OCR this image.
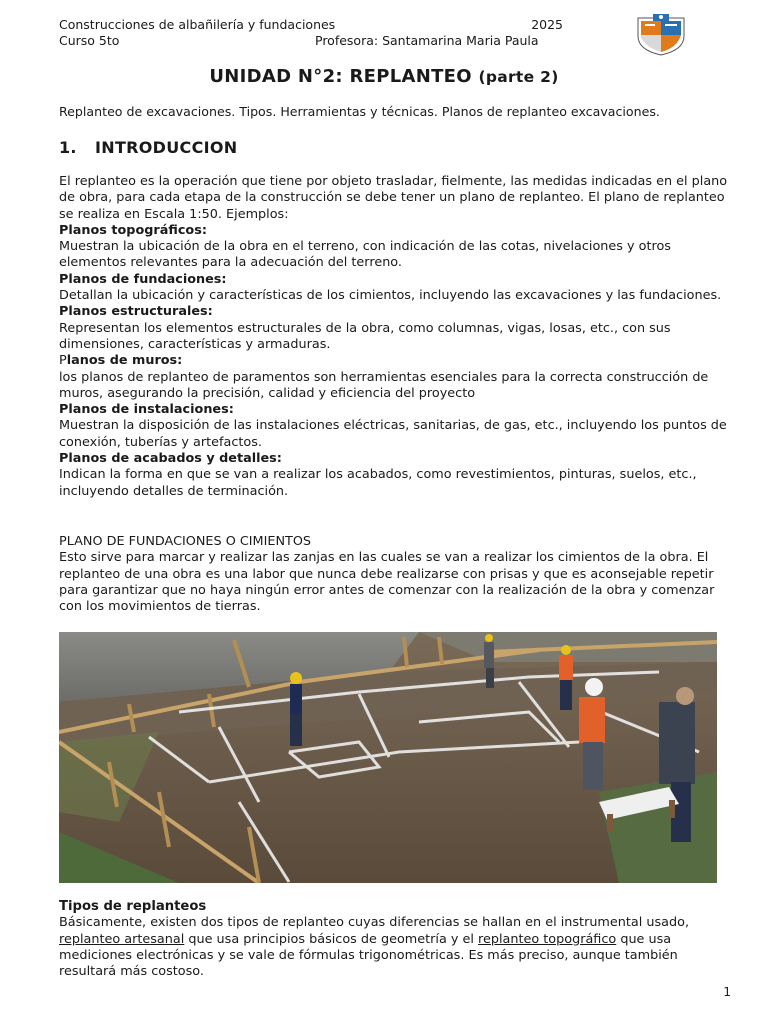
Construcciones de albañilería y fundaciones	2025
Curso 5to	Profesora: Santamarina Maria Paula
UNIDAD N°2: REPLANTEO (parte 2)
Replanteo de excavaciones. Tipos. Herramientas y técnicas. Planos de replanteo excavaciones.
1. INTRODUCCION

El replanteo es la operación que tiene por objeto trasladar, fielmente, las medidas indicadas en el plano de obra, para cada etapa de la construcción se debe tener un plano de replanteo. El plano de replanteo se realiza en Escala 1:50. Ejemplos:

Planos topográficos:

Muestran la ubicación de la obra en el terreno, con indicación de las cotas, nivelaciones y otros elementos relevantes para la adecuación del terreno.

Planos de fundaciones:

Detallan la ubicación y características de los cimientos, incluyendo las excavaciones y las fundaciones.

Planos estructurales:

Representan los elementos estructurales de la obra, como columnas, vigas, losas, etc., con sus dimensiones, características y armaduras.

Planos de muros:

los planos de replanteo de paramentos son herramientas esenciales para la correcta construcción de muros, asegurando la precisión, calidad y eficiencia del proyecto

Planos de instalaciones:

Muestran la disposición de las instalaciones eléctricas, sanitarias, de gas, etc., incluyendo los puntos de conexión, tuberías y artefactos.

Planos de acabados y detalles:

Indican la forma en que se van a realizar los acabados, como revestimientos, pinturas, suelos, etc., incluyendo detalles de terminación.

PLANO DE FUNDACIONES O CIMIENTOS

Esto sirve para marcar y realizar las zanjas en las cuales se van a realizar los cimientos de la obra. El replanteo de una obra es una labor que nunca debe realizarse con prisas y que es aconsejable repetir para garantizar que no haya ningún error antes de comenzar con la realización de la obra y comenzar con los movimientos de tierras.

Tipos de replanteos

Básicamente, existen dos tipos de replanteo cuyas diferencias se hallan en el instrumental usado, replanteo artesanal que usa principios básicos de geometría y el replanteo topográfico que usa mediciones electrónicas y se vale de fórmulas trigonométricas. Es más preciso, aunque también resultará más costoso.

1
